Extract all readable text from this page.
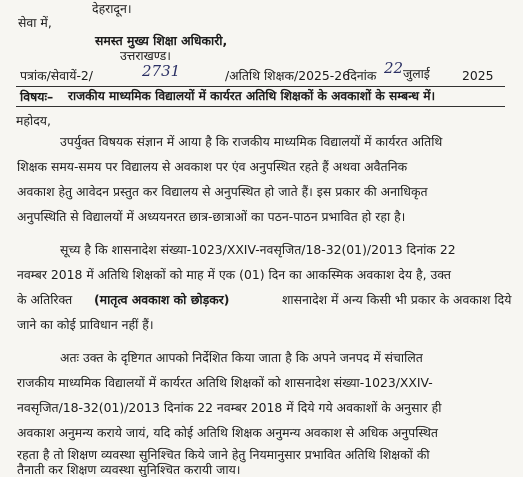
देहरादून।
सेवा में,
समस्त मुख्य शिक्षा अधिकारी,
उत्तराखण्ड।
पत्रांक/सेवायें-2/	2731	/अतिथि शिक्षक/2025-26
दिनांक 22 जुलाई	2025
विषयः– राजकीय माध्यमिक विद्यालयों में कार्यरत अतिथि शिक्षकों के अवकाशों के सम्बन्ध में।
महोदय,
उपर्युक्त विषयक संज्ञान में आया है कि राजकीय माध्यमिक विद्यालयों में कार्यरत अतिथि
शिक्षक समय-समय पर विद्यालय से अवकाश पर एंव अनुपस्थित रहते हैं अथवा अवैतनिक
अवकाश हेतु आवेदन प्रस्तुत कर विद्यालय से अनुपस्थित हो जाते हैं। इस प्रकार की अनाधिकृत
अनुपस्थिति से विद्यालयों में अध्ययनरत छात्र-छात्राओं का पठन-पाठन प्रभावित हो रहा है।
सूच्य है कि शासनादेश संख्या-1023/XXIV-नवसृजित/18-32(01)/2013 दिनांक 22
नवम्बर 2018 में अतिथि शिक्षकों को माह में एक (01) दिन का आकस्मिक अवकाश देय है, उक्त
के अतिरिक्त (मातृत्व अवकाश को छोड़कर)	शासनादेश में अन्य किसी भी प्रकार के अवकाश दिये
जाने का कोई प्राविधान नहीं हैं।
अतः उक्त के दृष्टिगत आपको निर्देशित किया जाता है कि अपने जनपद में संचालित
राजकीय माध्यमिक विद्यालयों में कार्यरत अतिथि शिक्षकों को शासनादेश संख्या-1023/XXIV-
नवसृजित/18-32(01)/2013 दिनांक 22 नवम्बर 2018 में दिये गये अवकाशों के अनुसार ही
अवकाश अनुमन्य कराये जायं, यदि कोई अतिथि शिक्षक अनुमन्य अवकाश से अधिक अनुपस्थित
रहता है तो शिक्षण व्यवस्था सुनिश्चित किये जाने हेतु नियमानुसार प्रभावित अतिथि शिक्षकों की
तैनाती कर शिक्षण व्यवस्था सुनिश्चित करायी जाय।
